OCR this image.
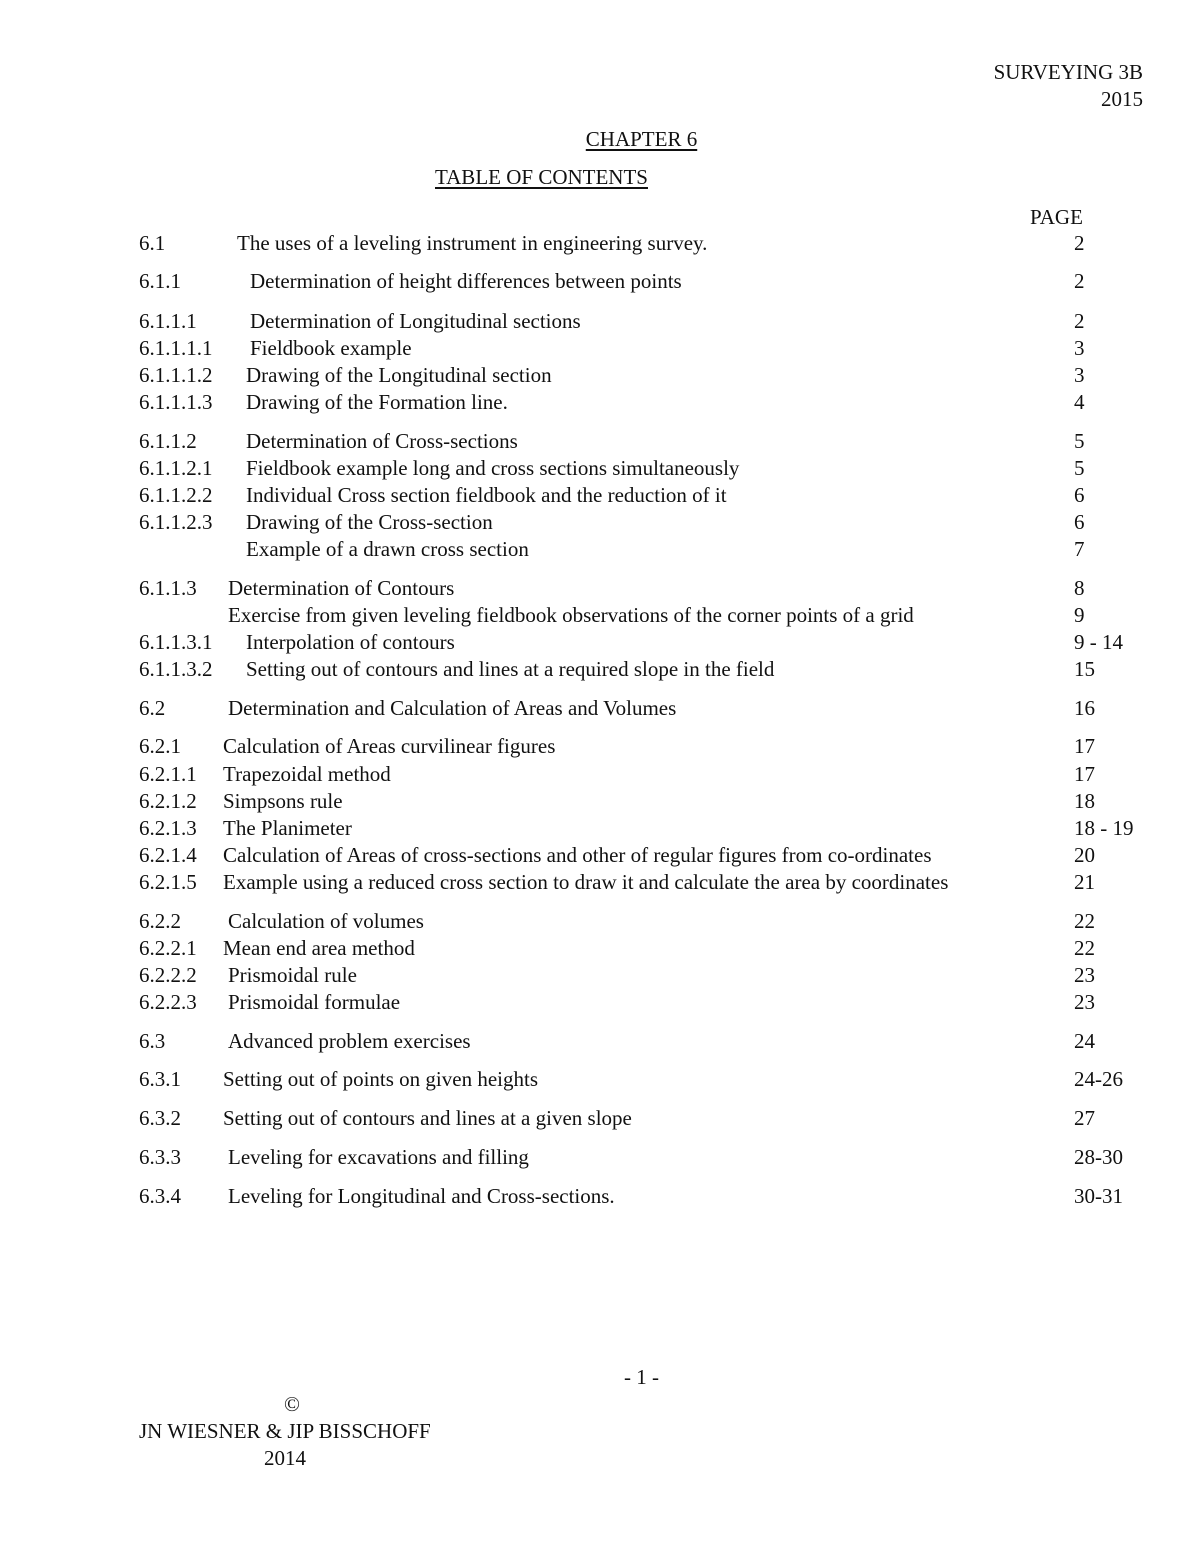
SURVEYING 3B
2015
CHAPTER 6
TABLE OF CONTENTS
PAGE
6.1	The uses of a leveling instrument in engineering survey.	2
6.1.1	Determination of height differences between points	2
6.1.1.1	Determination of Longitudinal sections	2
6.1.1.1.1 Fieldbook example	3
6.1.1.1.2 Drawing of the Longitudinal section	3
6.1.1.1.3 Drawing of the Formation line.	4
6.1.1.2 Determination of Cross-sections	5
6.1.1.2.1 Fieldbook example long and cross sections simultaneously	5
6.1.1.2.2 Individual Cross section fieldbook and the reduction of it	6
6.1.1.2.3 Drawing of the Cross-section	6
Example of a drawn cross section	7
6.1.1.3 Determination of Contours	8
Exercise from given leveling fieldbook observations of the corner points of a grid	9
6.1.1.3.1 Interpolation of contours	9 - 14
6.1.1.3.2 Setting out of contours and lines at a required slope in the field	15
6.2	Determination and Calculation of Areas and Volumes	16
6.2.1 Calculation of Areas curvilinear figures	17
6.2.1.1 Trapezoidal method	17
6.2.1.2 Simpsons rule	18
6.2.1.3 The Planimeter	18 - 19
6.2.1.4 Calculation of Areas of cross-sections and other of regular figures from co-ordinates	20
6.2.1.5 Example using a reduced cross section to draw it and calculate the area by coordinates	21
6.2.2 Calculation of volumes	22
6.2.2.1 Mean end area method	22
6.2.2.2 Prismoidal rule	23
6.2.2.3 Prismoidal formulae	23
6.3	Advanced problem exercises	24
6.3.1 Setting out of points on given heights	24-26
6.3.2 Setting out of contours and lines at a given slope	27
6.3.3 Leveling for excavations and filling	28-30
6.3.4 Leveling for Longitudinal and Cross-sections.	30-31
- 1 -
©
JN WIESNER & JIP BISSCHOFF
2014
